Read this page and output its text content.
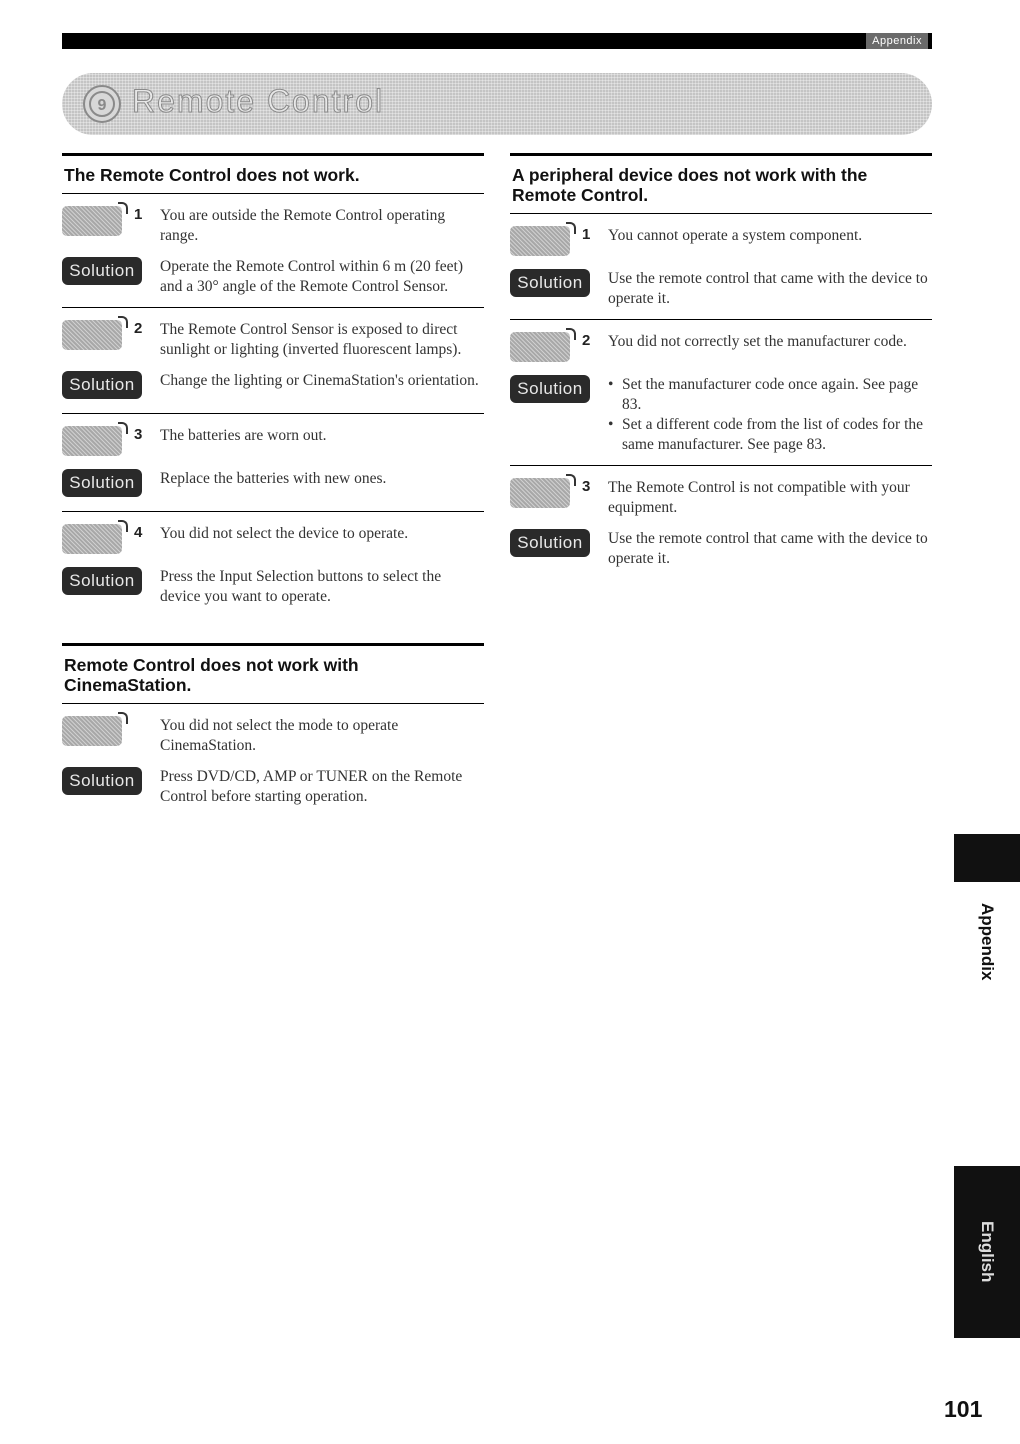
Appendix
9 Remote Control
The Remote Control does not work.
1 You are outside the Remote Control operating range.
Solution	Operate the Remote Control within 6 m (20 feet) and a 30° angle of the Remote Control Sensor.
2 The Remote Control Sensor is exposed to direct sunlight or lighting (inverted fluorescent lamps).
Solution	Change the lighting or CinemaStation's orientation.
3 The batteries are worn out.
Solution	Replace the batteries with new ones.
4 You did not select the device to operate.
Solution	Press the Input Selection buttons to select the device you want to operate.
Remote Control does not work with CinemaStation.
You did not select the mode to operate CinemaStation.
Solution	Press DVD/CD, AMP or TUNER on the Remote Control before starting operation.
A peripheral device does not work with the Remote Control.
1 You cannot operate a system component.
Solution	Use the remote control that came with the device to operate it.
2 You did not correctly set the manufacturer code.
Solution
•	Set the manufacturer code once again. See page 83.
• Set a different code from the list of codes for the same manufacturer. See page 83.
3 The Remote Control is not compatible with your equipment.
Solution	Use the remote control that came with the device to operate it.
Appendix
English
101
